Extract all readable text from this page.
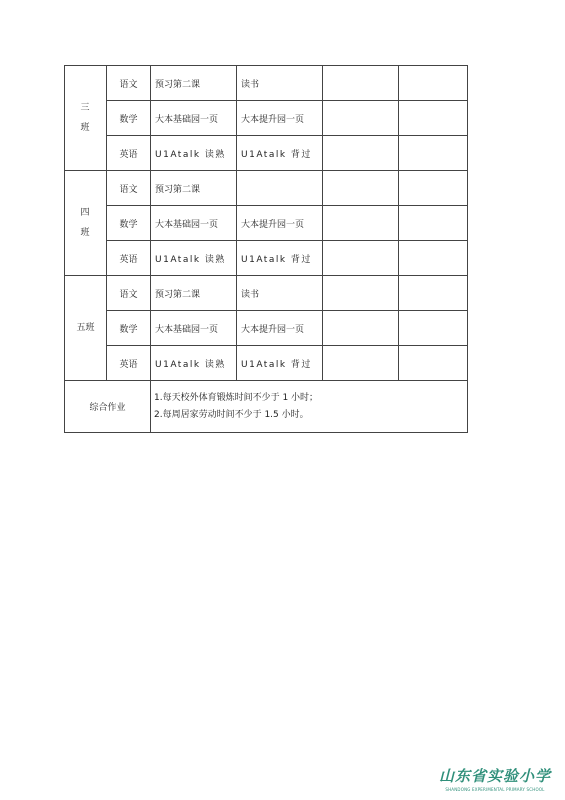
三
班	语文	预习第二课	读书		
	数学	大本基础园一页	大本提升园一页		
	英语	U1Atalk 读熟	U1Atalk 背过		
四
班	语文	预习第二课			
	数学	大本基础园一页	大本提升园一页		
	英语	U1Atalk 读熟	U1Atalk 背过		
五班	语文	预习第二课	读书		
	数学	大本基础园一页	大本提升园一页		
	英语	U1Atalk 读熟	U1Atalk 背过		
综合作业		1.每天校外体育锻炼时间不少于 1 小时；
2.每周居家劳动时间不少于 1.5 小时。			
山东省实验小学
SHANDONG EXPERIMENTAL PRIMARY SCHOOL
